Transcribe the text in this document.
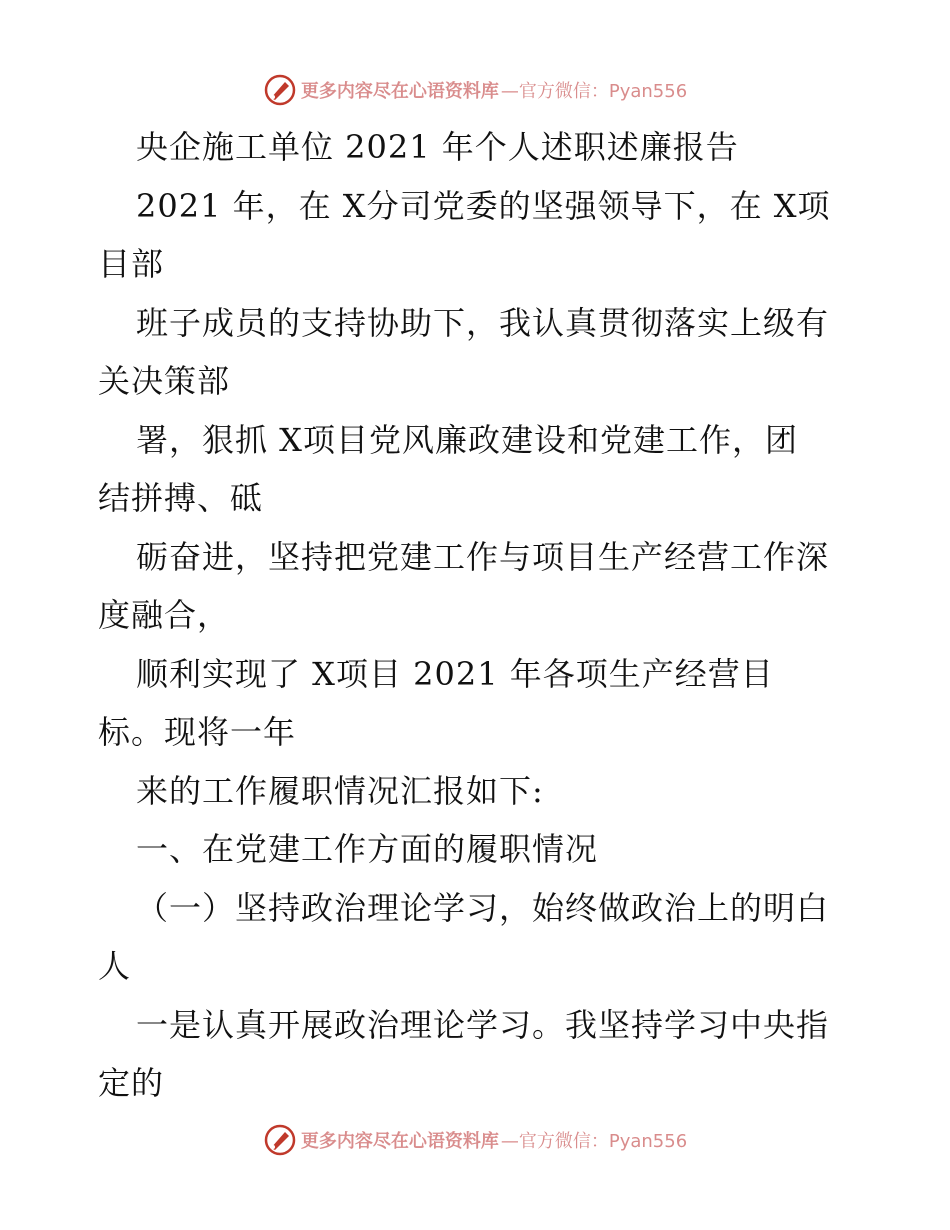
更多内容尽在心语资料库 —官方微信：Pyan556

央企施工单位 2021 年个人述职述廉报告

2021 年，在 X分司党委的坚强领导下，在 X项

目部

班子成员的支持协助下，我认真贯彻落实上级有

关决策部

署，狠抓 X项目党风廉政建设和党建工作，团

结拼搏、砥

砺奋进，坚持把党建工作与项目生产经营工作深

度融合，

顺利实现了 X项目 2021 年各项生产经营目

标。现将一年

来的工作履职情况汇报如下:

一、在党建工作方面的履职情况

（一）坚持政治理论学习，始终做政治上的明白

人

一是认真开展政治理论学习。我坚持学习中央指

定的

更多内容尽在心语资料库 —官方微信：Pyan556
